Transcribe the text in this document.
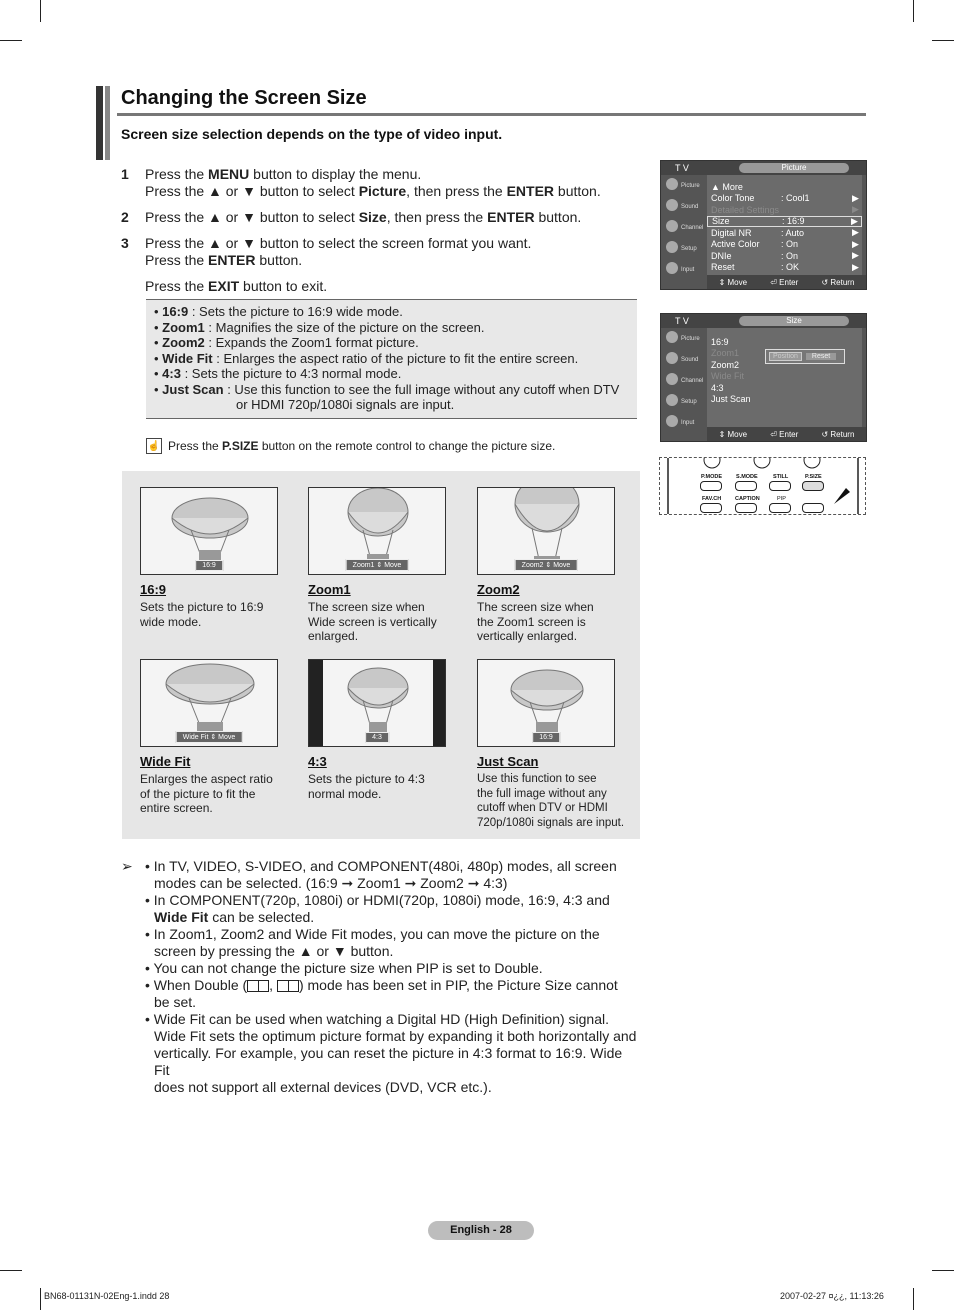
Changing the Screen Size
Screen size selection depends on the type of video input.
1 Press the MENU button to display the menu.
Press the ▲ or ▼ button to select Picture, then press the ENTER button.
2 Press the ▲ or ▼ button to select Size, then press the ENTER button.
3 Press the ▲ or ▼ button to select the screen format you want.
Press the ENTER button.
Press the EXIT button to exit.
• 16:9 : Sets the picture to 16:9 wide mode.
• Zoom1 : Magnifies the size of the picture on the screen.
• Zoom2 : Expands the Zoom1 format picture.
• Wide Fit : Enlarges the aspect ratio of the picture to fit the entire screen.
• 4:3 : Sets the picture to 4:3 normal mode.
• Just Scan : Use this function to see the full image without any cutoff when DTV
or HDMI 720p/1080i signals are input.
☝ Press the P.SIZE button on the remote control to change the picture size.
16:9
16:9
Sets the picture to 16:9
wide mode.
Zoom1 ⇕ Move
Zoom1
The screen size when
Wide screen is vertically
enlarged.
Zoom2 ⇕ Move
Zoom2
The screen size when
the Zoom1 screen is
vertically enlarged.
Wide Fit ⇕ Move
Wide Fit
Enlarges the aspect ratio
of the picture to fit the
entire screen.
4:3
4:3
Sets the picture to 4:3
normal mode.
16:9
Just Scan
Use this function to see
the full image without any
cutoff when DTV or HDMI
720p/1080i signals are input.
➢ • In TV, VIDEO, S-VIDEO, and COMPONENT(480i, 480p) modes, all screen
modes can be selected. (16:9 ➞ Zoom1 ➞ Zoom2 ➞ 4:3)
• In COMPONENT(720p, 1080i) or HDMI(720p, 1080i) mode, 16:9, 4:3 and
Wide Fit can be selected.
• In Zoom1, Zoom2 and Wide Fit modes, you can move the picture on the
screen by pressing the ▲ or ▼ button.
• You can not change the picture size when PIP is set to Double.
• When Double ( , ) mode has been set in PIP, the Picture Size cannot
be set.
• Wide Fit can be used when watching a Digital HD (High Definition) signal.
Wide Fit sets the optimum picture format by expanding it both horizontally and
vertically. For example, you can reset the picture in 4:3 format to 16:9. Wide Fit
does not support all external devices (DVD, VCR etc.).
T V	Picture
Picture
Sound
Channel
Setup
Input
▲ More
Color Tone	: Cool1	▶
Detailed Settings	▶
Size	: 16:9	▶
Digital NR	: Auto	▶
Active Color	: On	▶
DNIe	: On	▶
Reset	: OK	▶
⇕ Move	⏎ Enter	↺ Return
T V	Size
Picture
Sound
Channel
Setup
Input
16:9
Zoom1
Zoom2
Wide Fit
4:3
Just Scan
Position	Reset
⇕ Move	⏎ Enter	↺ Return
P.MODE	S.MODE	STILL	P.SIZE
FAV.CH CAPTION	PIP
English - 28
BN68-01131N-02Eng-1.indd 28	2007-02-27 ¤¿¿, 11:13:26
